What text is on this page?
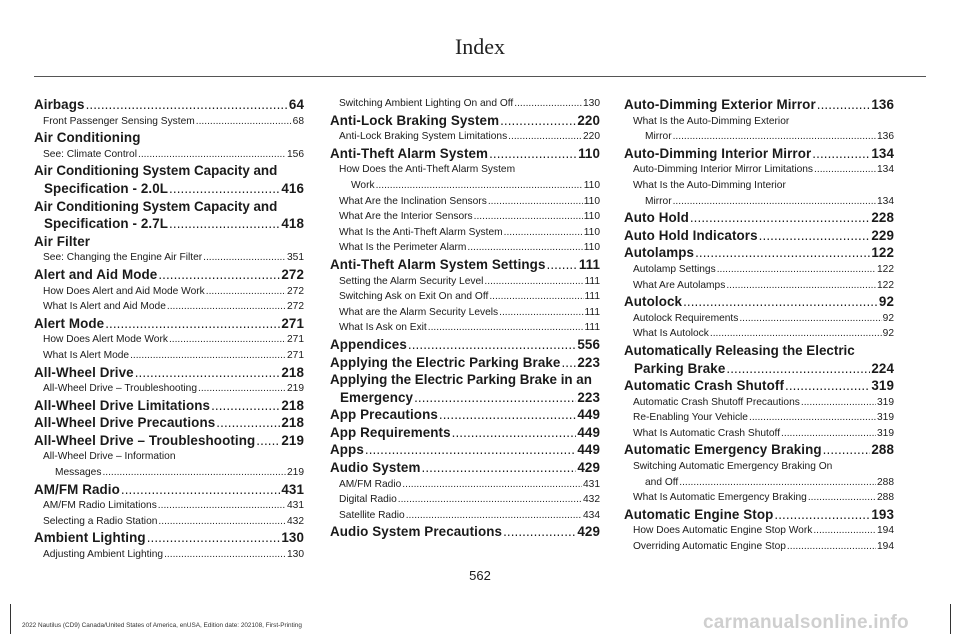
Index
Airbags .....	64
Front Passenger Sensing System .....	68
Air Conditioning
See: Climate Control .....	156
Air Conditioning System Capacity and
Specification - 2.0L .....	416
Air Conditioning System Capacity and
Specification - 2.7L .....	418
Air Filter
See: Changing the Engine Air Filter .....	351
Alert and Aid Mode .....	272
How Does Alert and Aid Mode Work .....	272
What Is Alert and Aid Mode .....	272
Alert Mode .....	271
How Does Alert Mode Work .....	271
What Is Alert Mode .....	271
All-Wheel Drive .....	218
All-Wheel Drive – Troubleshooting .....	219
All-Wheel Drive Limitations .....	218
All-Wheel Drive Precautions .....	218
All-Wheel Drive – Troubleshooting ..... 219
All-Wheel Drive – Information
Messages .....	219
AM/FM Radio .....	431
AM/FM Radio Limitations .....	431
Selecting a Radio Station .....	432
Ambient Lighting .....	130
Adjusting Ambient Lighting .....	130
Switching Ambient Lighting On and Off .....	130
Anti-Lock Braking System .....	220
Anti-Lock Braking System Limitations .....	220
Anti-Theft Alarm System .....	110
How Does the Anti-Theft Alarm System
Work .....	110
What Are the Inclination Sensors .....	110
What Are the Interior Sensors .....	110
What Is the Anti-Theft Alarm System .....	110
What Is the Perimeter Alarm .....	110
Anti-Theft Alarm System Settings ..... 111
Setting the Alarm Security Level .....	111
Switching Ask on Exit On and Off .....	111
What are the Alarm Security Levels .....	111
What Is Ask on Exit .....	111
Appendices .....	556
Applying the Electric Parking Brake ..... 223
Applying the Electric Parking Brake in an
Emergency .....	223
App Precautions .....	449
App Requirements .....	449
Apps .....	449
Audio System .....	429
AM/FM Radio .....	431
Digital Radio .....	432
Satellite Radio .....	434
Audio System Precautions .....	429
Auto-Dimming Exterior Mirror .....	136
What Is the Auto-Dimming Exterior
Mirror .....	136
Auto-Dimming Interior Mirror .....	134
Auto-Dimming Interior Mirror Limitations .....	134
What Is the Auto-Dimming Interior
Mirror .....	134
Auto Hold .....	228
Auto Hold Indicators .....	229
Autolamps .....	122
Autolamp Settings .....	122
What Are Autolamps .....	122
Autolock .....	92
Autolock Requirements .....	92
What Is Autolock .....	92
Automatically Releasing the Electric
Parking Brake .....	224
Automatic Crash Shutoff .....	319
Automatic Crash Shutoff Precautions .....	319
Re-Enabling Your Vehicle .....	319
What Is Automatic Crash Shutoff .....	319
Automatic Emergency Braking .....	288
Switching Automatic Emergency Braking On
and Off .....	288
What Is Automatic Emergency Braking .....	288
Automatic Engine Stop .....	193
How Does Automatic Engine Stop Work .....	194
Overriding Automatic Engine Stop .....	194
562
2022 Nautilus (CD9) Canada/United States of America, enUSA, Edition date: 202108, First-Printing	carmanualsonline.info
